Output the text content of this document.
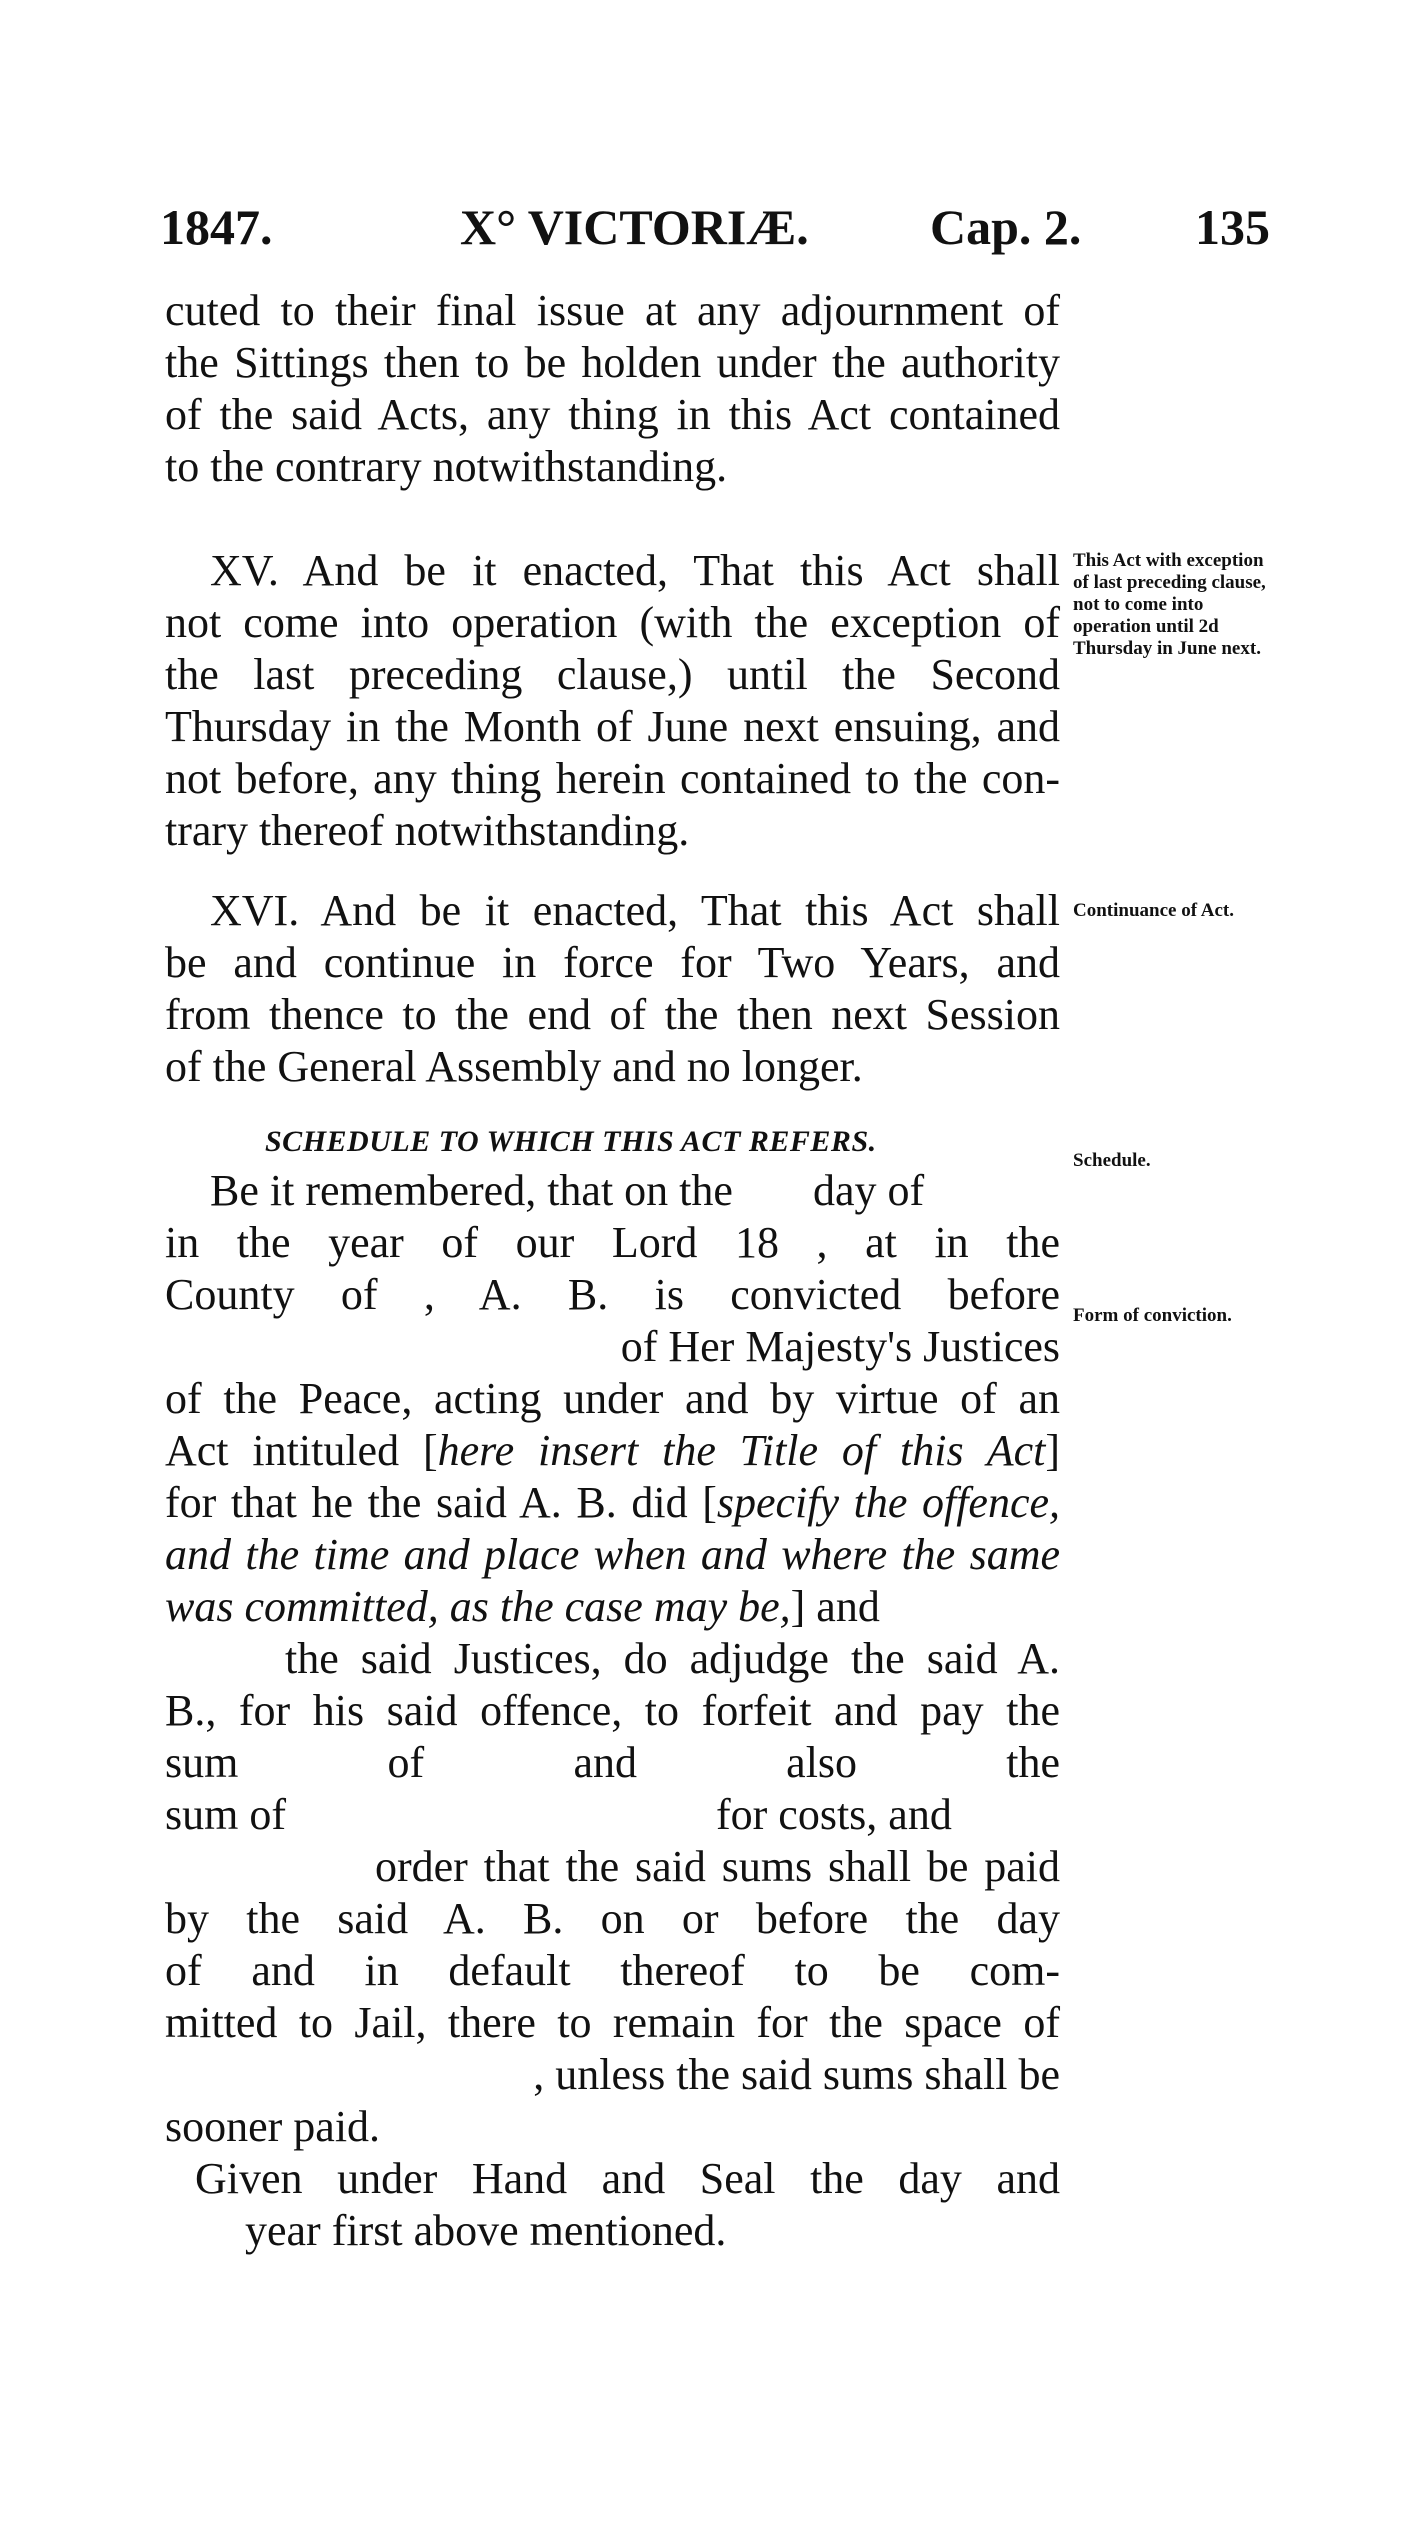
1847.	X° VICTORIÆ. Cap. 2. 135
cuted to their final issue at any adjournment of
the Sittings then to be holden under the authority
of the said Acts, any thing in this Act contained
to the contrary notwithstanding.
XV. And be it enacted, That this Act shall
not come into operation (with the exception of
the last preceding clause,) until the Second
Thursday in the Month of June next ensuing, and
not before, any thing herein contained to the con-
trary thereof notwithstanding.
This Act with exception of last preceding clause, not to come into operation until 2d Thursday in June next.
XVI. And be it enacted, That this Act shall
be and continue in force for Two Years, and
from thence to the end of the then next Session
of the General Assembly and no longer.
Continuance of Act.
SCHEDULE TO WHICH THIS ACT REFERS.
Schedule.
Form of conviction.
Be it remembered, that on the day of
in the year of our Lord 18 , at in the
County of , A. B. is convicted before
of Her Majesty's Justices
of the Peace, acting under and by virtue of an
Act intituled [here insert the Title of this Act]
for that he the said A. B. did [specify the offence,
and the time and place when and where the same
was committed, as the case may be,] and
the said Justices, do adjudge the said A.
B., for his said offence, to forfeit and pay the
sum of	and also the
sum of	for costs, and
order that the said sums shall be paid
by the said A. B. on or before the day
of and in default thereof to be com-
mitted to Jail, there to remain for the space of
, unless the said sums shall be
sooner paid.
Given under Hand and Seal the day and
year first above mentioned.
